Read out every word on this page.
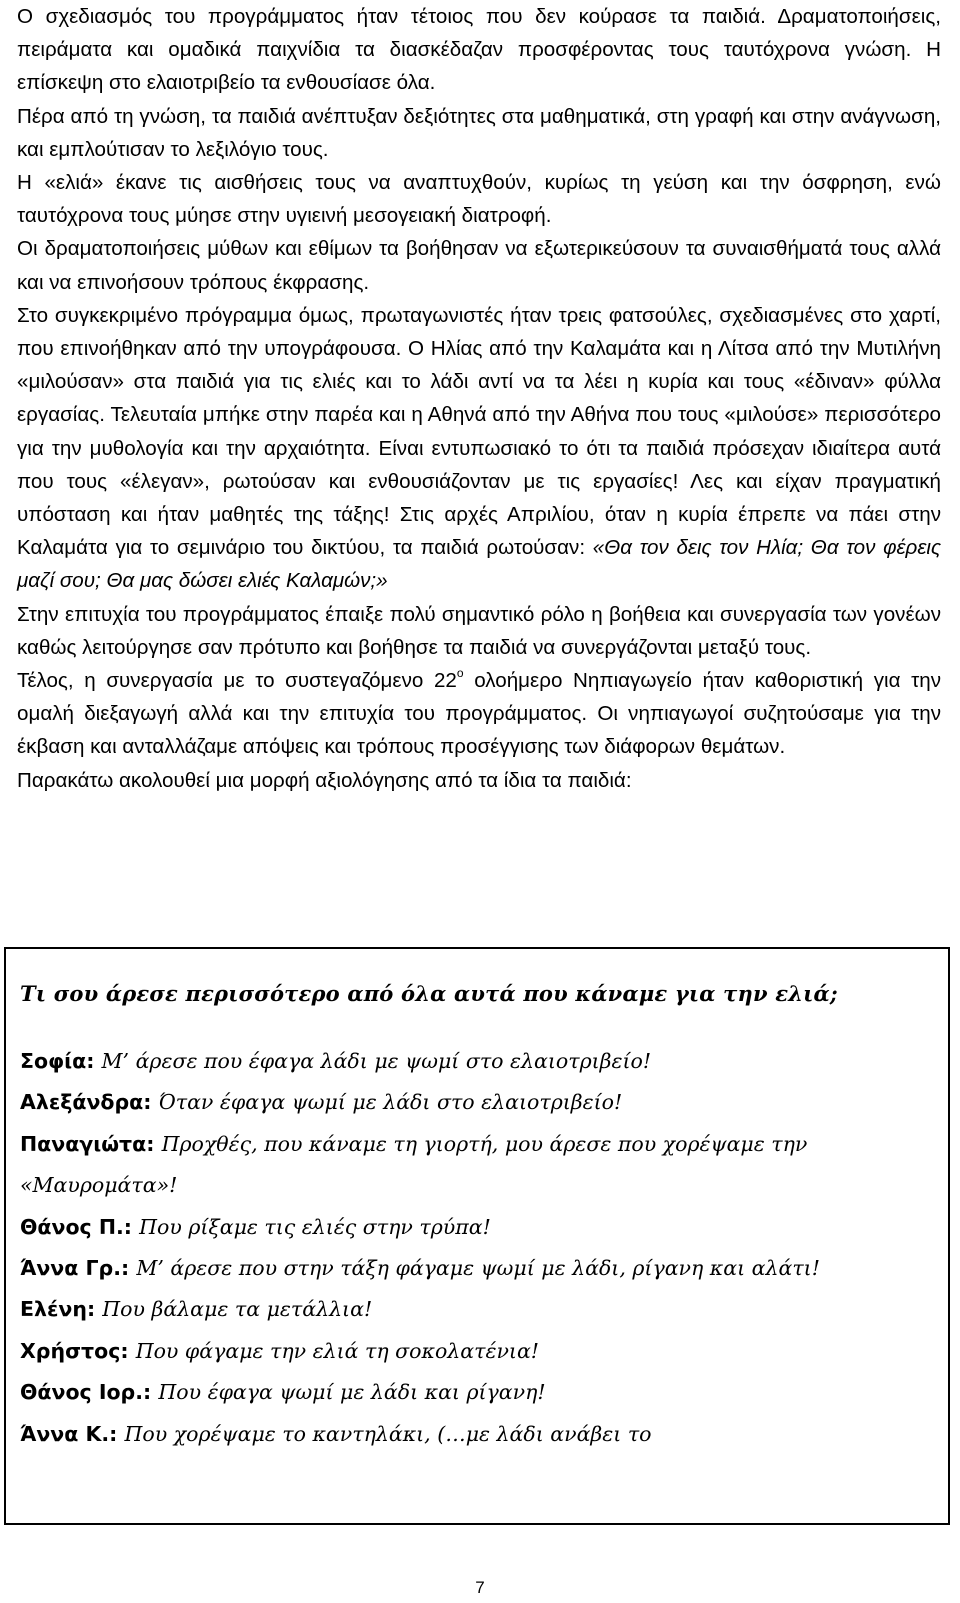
Ο σχεδιασμός του προγράμματος ήταν τέτοιος που δεν κούρασε τα παιδιά. Δραματοποιήσεις, πειράματα και ομαδικά παιχνίδια τα διασκέδαζαν προσφέροντας τους ταυτόχρονα γνώση. Η επίσκεψη στο ελαιοτριβείο τα ενθουσίασε όλα.

Πέρα από τη γνώση, τα παιδιά ανέπτυξαν δεξιότητες στα μαθηματικά, στη γραφή και στην ανάγνωση, και εμπλούτισαν το λεξιλόγιο τους.

Η «ελιά» έκανε τις αισθήσεις τους να αναπτυχθούν, κυρίως τη γεύση και την όσφρηση, ενώ ταυτόχρονα τους μύησε στην υγιεινή μεσογειακή διατροφή.

Οι δραματοποιήσεις μύθων και εθίμων τα βοήθησαν να εξωτερικεύσουν τα συναισθήματά τους αλλά και να επινοήσουν τρόπους έκφρασης.

Στο συγκεκριμένο πρόγραμμα όμως, πρωταγωνιστές ήταν τρεις φατσούλες, σχεδιασμένες στο χαρτί, που επινοήθηκαν από την υπογράφουσα. Ο Ηλίας από την Καλαμάτα και η Λίτσα από την Μυτιλήνη «μιλούσαν» στα παιδιά για τις ελιές και το λάδι αντί να τα λέει η κυρία και τους «έδιναν» φύλλα εργασίας. Τελευταία μπήκε στην παρέα και η Αθηνά από την Αθήνα που τους «μιλούσε» περισσότερο για την μυθολογία και την αρχαιότητα. Είναι εντυπωσιακό το ότι τα παιδιά πρόσεχαν ιδιαίτερα αυτά που τους «έλεγαν», ρωτούσαν και ενθουσιάζονταν με τις εργασίες! Λες και είχαν πραγματική υπόσταση και ήταν μαθητές της τάξης! Στις αρχές Απριλίου, όταν η κυρία έπρεπε να πάει στην Καλαμάτα για το σεμινάριο του δικτύου, τα παιδιά ρωτούσαν: «Θα τον δεις τον Ηλία; Θα τον φέρεις μαζί σου; Θα μας δώσει ελιές Καλαμών;»

Στην επιτυχία του προγράμματος έπαιξε πολύ σημαντικό ρόλο η βοήθεια και συνεργασία των γονέων καθώς λειτούργησε σαν πρότυπο και βοήθησε τα παιδιά να συνεργάζονται μεταξύ τους.

Τέλος, η συνεργασία με το συστεγαζόμενο $22^o$ ολοήμερο Νηπιαγωγείο ήταν καθοριστική για την ομαλή διεξαγωγή αλλά και την επιτυχία του προγράμματος. Οι νηπιαγωγοί συζητούσαμε για την έκβαση και ανταλλάζαμε απόψεις και τρόπους προσέγγισης των διάφορων θεμάτων.

Παρακάτω ακολουθεί μια μορφή αξιολόγησης από τα ίδια τα παιδιά:

Τι σου άρεσε περισσότερο από όλα αυτά που κάναμε για την ελιά;

Σοφία: Μ’ άρεσε που έφαγα λάδι με ψωμί στο ελαιοτριβείο!

Αλεξάνδρα: Όταν έφαγα ψωμί με λάδι στο ελαιοτριβείο!

Παναγιώτα: Προχθές, που κάναμε τη γιορτή, μου άρεσε που χορέψαμε την «Μαυρομάτα»!

Θάνος Π.: Που ρίξαμε τις ελιές στην τρύπα!

Άννα Γρ.: Μ’ άρεσε που στην τάξη φάγαμε ψωμί με λάδι, ρίγανη και αλάτι!

Ελένη: Που βάλαμε τα μετάλλια!

Χρήστος: Που φάγαμε την ελιά τη σοκολατένια!

Θάνος Ιορ.: Που έφαγα ψωμί με λάδι και ρίγανη!

Άννα Κ.: Που χορέψαμε το καντηλάκι, (…με λάδι ανάβει το

7
